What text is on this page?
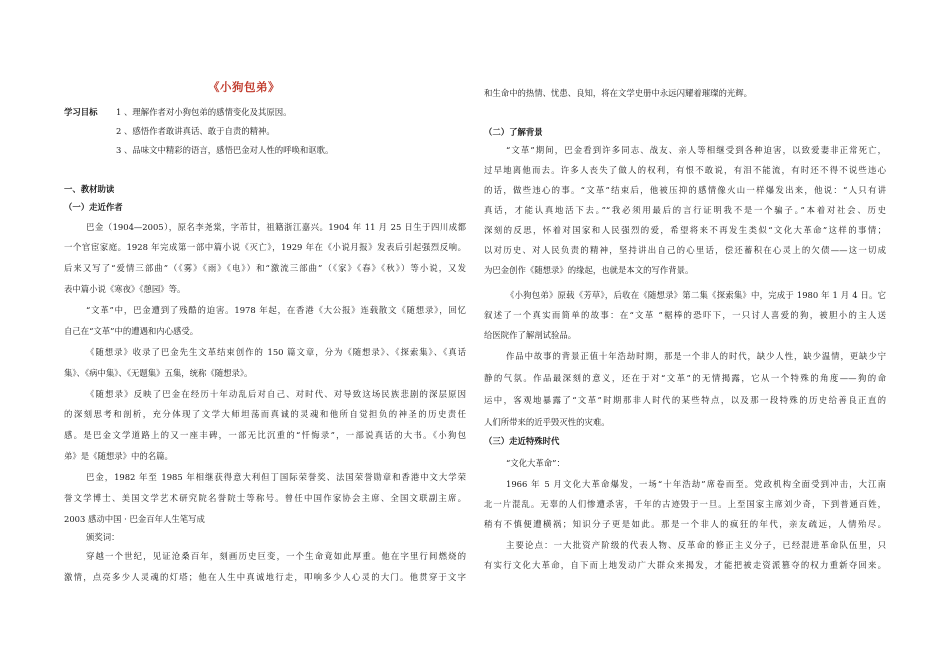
《小狗包弟》
学习目标 1 、理解作者对小狗包弟的感情变化及其原因。
2 、感悟作者敢讲真话、敢于自责的精神。
3 、品味文中精彩的语言，感悟巴金对人性的呼唤和讴歌。
一、教材助读
（一）走近作者
巴金（1904—2005），原名李尧棠，字芾甘，祖籍浙江嘉兴。1904 年 11 月 25 日生于四川成都
一个官宦家庭。1928 年完成第一部中篇小说《灭亡》，1929 年在《小说月报》发表后引起强烈反响。
后来又写了“爱情三部曲”（《雾》《雨》《电》）和“激流三部曲”（《家》《春》《秋》）等小说，又发
表中篇小说《寒夜》《憩园》等。
“文革”中，巴金遭到了残酷的迫害。1978 年起，在香港《大公报》连载散文《随想录》，回忆
自己在“文革”中的遭遇和内心感受。
《随想录》收录了巴金先生文革结束创作的 150 篇文章，分为《随想录》、《探索集》、《真话
集》、《病中集》、《无题集》五集，统称《随想录》。
《随想录》反映了巴金在经历十年动乱后对自己、对时代、对导致这场民族悲剧的深层原因
的深刻思考和剖析，充分体现了文学大师坦荡而真诚的灵魂和他所自觉担负的神圣的历史责任
感。是巴金文学道路上的又一座丰碑，一部无比沉重的“忏悔录”，一部说真话的大书。《小狗包
弟》是《随想录》中的名篇。
巴金，1982 年至 1985 年相继获得意大利但丁国际荣誉奖、法国荣誉勋章和香港中文大学荣
誉文学博士、美国文学艺术研究院名誉院士等称号。曾任中国作家协会主席、全国文联副主席。
2003 感动中国 · 巴金百年人生笔写成
颁奖词：
穿越一个世纪，见证沧桑百年，刻画历史巨变，一个生命竟如此厚重。他在字里行间燃烧的
激情，点亮多少人灵魂的灯塔；他在人生中真诚地行走，叩响多少人心灵的大门。他贯穿于文字
和生命中的热情、忧患、良知，将在文学史册中永远闪耀着璀璨的光辉。
（二）了解背景
“文革”期间，巴金看到许多同志、战友、亲人等相继受到各种迫害，以致爱妻非正常死亡，
过早地离他而去。许多人丧失了做人的权利，有恨不敢说，有泪不能流，有时还不得不说些违心
的话，做些违心的事。“文革”结束后，他被压抑的感情像火山一样爆发出来，他说：“人只有讲
真话，才能认真地活下去。”“我必须用最后的言行证明我不是一个骗子。”本着对社会、历史
深刻的反思，怀着对国家和人民强烈的爱，希望将来不再发生类似“文化大革命”这样的事情；
以对历史、对人民负责的精神，坚持讲出自己的心里话，偿还蓄积在心灵上的欠债——这一切成
为巴金创作《随想录》的缘起，也就是本文的写作背景。
《小狗包弟》原载《芳草》，后收在《随想录》第二集《探索集》中，完成于 1980 年 1 月 4 日。它
叙述了一个真实而简单的故事：在“文革 ”椐棒的恐吓下，一只讨人喜爱的狗，被胆小的主人送
给医院作了解剖试验品。
作品中故事的背景正值十年浩劫时期，那是一个非人的时代，缺少人性，缺少温情，更缺少宁
静的气氛。作品最深刻的意义，还在于对“文革”的无情揭露，它从一个特殊的角度——狗的命
运中，客观地暴露了“文革”时期那非人时代的某些特点，以及那一段特殊的历史给善良正直的
人们所带来的近乎毁灭性的灾难。
（三）走近特殊时代
“文化大革命”：
1966 年 5 月文化大革命爆发，一场“十年浩劫”席卷而至。党政机构全面受到冲击，大江南
北一片混乱。无辜的人们惨遭杀害，千年的古迹毁于一旦。上至国家主席刘少奇，下到普通百姓，
稍有不慎便遭横祸；知识分子更是如此。那是一个非人的疯狂的年代，亲友疏远，人情殆尽。
主要论点：一大批资产阶级的代表人物、反革命的修正主义分子，已经混进革命队伍里，只
有实行文化大革命，自下而上地发动广大群众来揭发，才能把被走资派篡夺的权力重新夺回来。
